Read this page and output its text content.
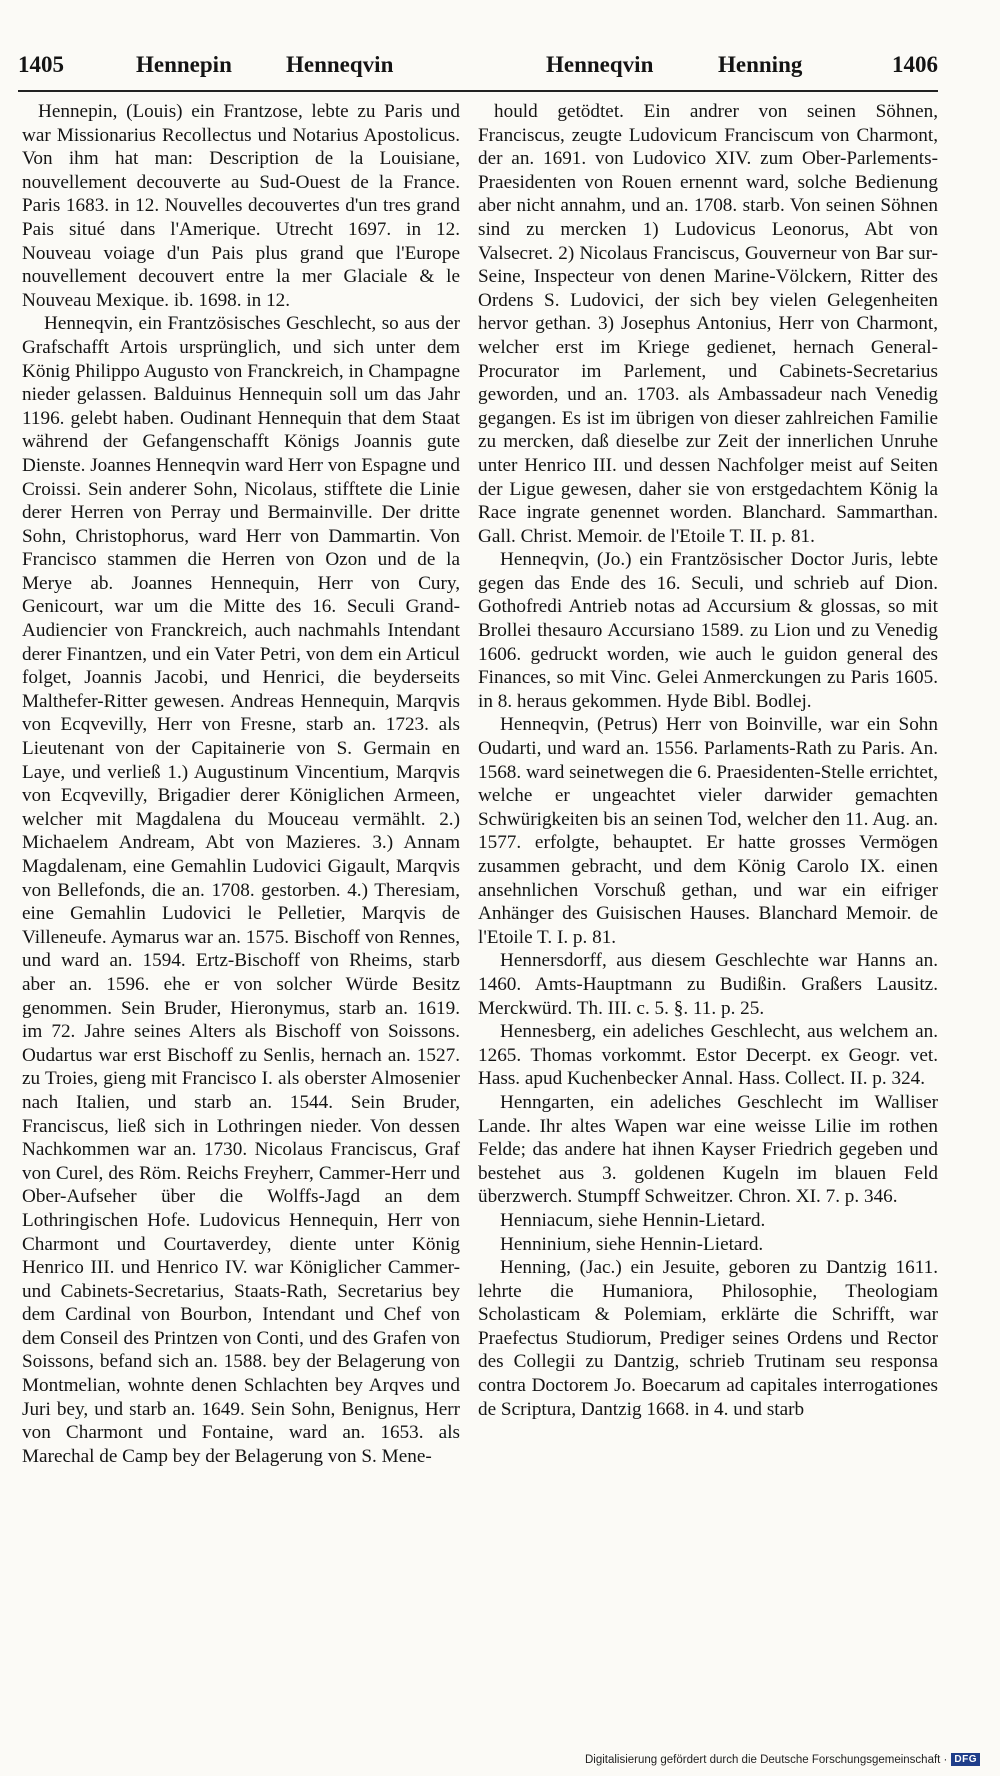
1405	Hennepin Henneqvin	Henneqvin	Henning	1406

Hennepin, (Louis) ein Frantzose, lebte zu Paris und war Missionarius Recollectus und Notarius Apostolicus. Von ihm hat man: Description de la Louisiane, nouvellement decouverte au Sud-Ouest de la France. Paris 1683. in 12. Nouvelles decouvertes d'un tres grand Pais situé dans l'Amerique. Utrecht 1697. in 12. Nouveau voiage d'un Pais plus grand que l'Europe nouvellement decouvert entre la mer Glaciale & le Nouveau Mexique. ib. 1698. in 12.

Henneqvin, ein Frantzösisches Geschlecht, so aus der Grafschafft Artois ursprünglich, und sich unter dem König Philippo Augusto von Franckreich, in Champagne nieder gelassen. Balduinus Hennequin soll um das Jahr 1196. gelebt haben. Oudinant Hennequin that dem Staat während der Gefangenschafft Königs Joannis gute Dienste. Joannes Henneqvin ward Herr von Espagne und Croissi. Sein anderer Sohn, Nicolaus, stifftete die Linie derer Herren von Perray und Bermainville. Der dritte Sohn, Christophorus, ward Herr von Dammartin. Von Francisco stammen die Herren von Ozon und de la Merye ab. Joannes Hennequin, Herr von Cury, Genicourt, war um die Mitte des 16. Seculi Grand-Audiencier von Franckreich, auch nachmahls Intendant derer Finantzen, und ein Vater Petri, von dem ein Articul folget, Joannis Jacobi, und Henrici, die beyderseits Malthefer-Ritter gewesen. Andreas Hennequin, Marqvis von Ecqvevilly, Herr von Fresne, starb an. 1723. als Lieutenant von der Capitainerie von S. Germain en Laye, und verließ 1.) Augustinum Vincentium, Marqvis von Ecqvevilly, Brigadier derer Königlichen Armeen, welcher mit Magdalena du Mouceau vermählt. 2.) Michaelem Andream, Abt von Mazieres. 3.) Annam Magdalenam, eine Gemahlin Ludovici Gigault, Marqvis von Bellefonds, die an. 1708. gestorben. 4.) Theresiam, eine Gemahlin Ludovici le Pelletier, Marqvis de Villeneufe. Aymarus war an. 1575. Bischoff von Rennes, und ward an. 1594. Ertz-Bischoff von Rheims, starb aber an. 1596. ehe er von solcher Würde Besitz genommen. Sein Bruder, Hieronymus, starb an. 1619. im 72. Jahre seines Alters als Bischoff von Soissons. Oudartus war erst Bischoff zu Senlis, hernach an. 1527. zu Troies, gieng mit Francisco I. als oberster Almosenier nach Italien, und starb an. 1544. Sein Bruder, Franciscus, ließ sich in Lothringen nieder. Von dessen Nachkommen war an. 1730. Nicolaus Franciscus, Graf von Curel, des Röm. Reichs Freyherr, Cammer-Herr und Ober-Aufseher über die Wolffs-Jagd an dem Lothringischen Hofe. Ludovicus Hennequin, Herr von Charmont und Courtaverdey, diente unter König Henrico III. und Henrico IV. war Königlicher Cammer- und Cabinets-Secretarius, Staats-Rath, Secretarius bey dem Cardinal von Bourbon, Intendant und Chef von dem Conseil des Printzen von Conti, und des Grafen von Soissons, befand sich an. 1588. bey der Belagerung von Montmelian, wohnte denen Schlachten bey Arqves und Juri bey, und starb an. 1649. Sein Sohn, Benignus, Herr von Charmont und Fontaine, ward an. 1653. als Marechal de Camp bey der Belagerung von S. Mene-

hould getödtet. Ein andrer von seinen Söhnen, Franciscus, zeugte Ludovicum Franciscum von Charmont, der an. 1691. von Ludovico XIV. zum Ober-Parlements-Praesidenten von Rouen ernennt ward, solche Bedienung aber nicht annahm, und an. 1708. starb. Von seinen Söhnen sind zu mercken 1) Ludovicus Leonorus, Abt von Valsecret. 2) Nicolaus Franciscus, Gouverneur von Bar sur-Seine, Inspecteur von denen Marine-Völckern, Ritter des Ordens S. Ludovici, der sich bey vielen Gelegenheiten hervor gethan. 3) Josephus Antonius, Herr von Charmont, welcher erst im Kriege gedienet, hernach General-Procurator im Parlement, und Cabinets-Secretarius geworden, und an. 1703. als Ambassadeur nach Venedig gegangen. Es ist im übrigen von dieser zahlreichen Familie zu mercken, daß dieselbe zur Zeit der innerlichen Unruhe unter Henrico III. und dessen Nachfolger meist auf Seiten der Ligue gewesen, daher sie von erstgedachtem König la Race ingrate genennet worden. Blanchard. Sammarthan. Gall. Christ. Memoir. de l'Etoile T. II. p. 81.

Henneqvin, (Jo.) ein Frantzösischer Doctor Juris, lebte gegen das Ende des 16. Seculi, und schrieb auf Dion. Gothofredi Antrieb notas ad Accursium & glossas, so mit Brollei thesauro Accursiano 1589. zu Lion und zu Venedig 1606. gedruckt worden, wie auch le guidon general des Finances, so mit Vinc. Gelei Anmerckungen zu Paris 1605. in 8. heraus gekommen. Hyde Bibl. Bodlej.

Henneqvin, (Petrus) Herr von Boinville, war ein Sohn Oudarti, und ward an. 1556. Parlaments-Rath zu Paris. An. 1568. ward seinetwegen die 6. Praesidenten-Stelle errichtet, welche er ungeachtet vieler darwider gemachten Schwürigkeiten bis an seinen Tod, welcher den 11. Aug. an. 1577. erfolgte, behauptet. Er hatte grosses Vermögen zusammen gebracht, und dem König Carolo IX. einen ansehnlichen Vorschuß gethan, und war ein eifriger Anhänger des Guisischen Hauses. Blanchard Memoir. de l'Etoile T. I. p. 81.

Hennersdorff, aus diesem Geschlechte war Hanns an. 1460. Amts-Hauptmann zu Budißin. Graßers Lausitz. Merckwürd. Th. III. c. 5. §. 11. p. 25.

Hennesberg, ein adeliches Geschlecht, aus welchem an. 1265. Thomas vorkommt. Estor Decerpt. ex Geogr. vet. Hass. apud Kuchenbecker Annal. Hass. Collect. II. p. 324.

Henngarten, ein adeliches Geschlecht im Walliser Lande. Ihr altes Wapen war eine weisse Lilie im rothen Felde; das andere hat ihnen Kayser Friedrich gegeben und bestehet aus 3. goldenen Kugeln im blauen Feld überzwerch. Stumpff Schweitzer. Chron. XI. 7. p. 346.

Henniacum, siehe Hennin-Lietard.

Henninium, siehe Hennin-Lietard.

Henning, (Jac.) ein Jesuite, geboren zu Dantzig 1611. lehrte die Humaniora, Philosophie, Theologiam Scholasticam & Polemiam, erklärte die Schrifft, war Praefectus Studiorum, Prediger seines Ordens und Rector des Collegii zu Dantzig, schrieb Trutinam seu responsa contra Doctorem Jo. Boecarum ad capitales interrogationes de Scriptura, Dantzig 1668. in 4. und starb

Digitalisierung gefördert durch die Deutsche Forschungsgemeinschaft · DFG
